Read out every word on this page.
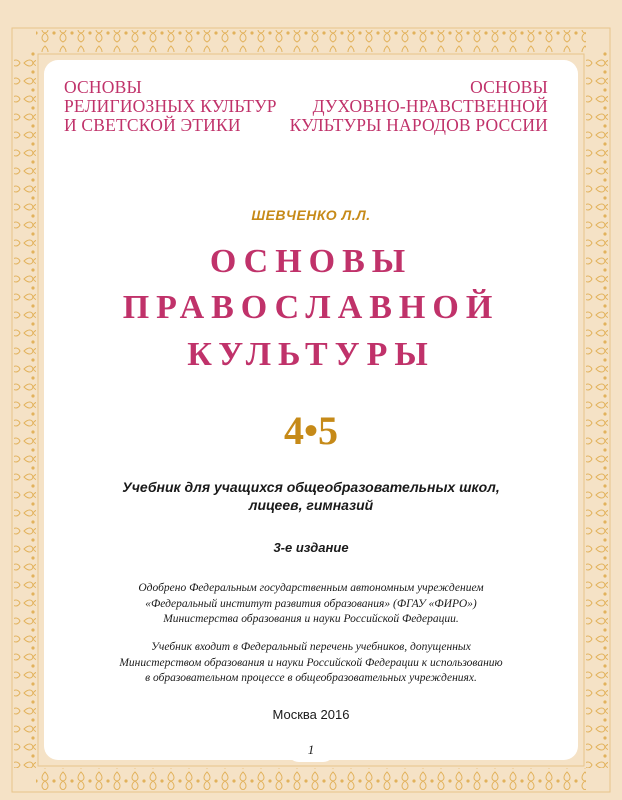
ОСНОВЫ
РЕЛИГИОЗНЫХ КУЛЬТУР
И СВЕТСКОЙ ЭТИКИ
ОСНОВЫ
ДУХОВНО-НРАВСТВЕННОЙ
КУЛЬТУРЫ НАРОДОВ РОССИИ
ШЕВЧЕНКО Л.Л.
ОСНОВЫ
ПРАВОСЛАВНОЙ
КУЛЬТУРЫ
4•5
Учебник для учащихся общеобразовательных школ,
лицеев, гимназий
3-е издание
Одобрено Федеральным государственным автономным учреждением
«Федеральный институт развития образования» (ФГАУ «ФИРО»)
Министерства образования и науки Российской Федерации.
Учебник входит в Федеральный перечень учебников, допущенных
Министерством образования и науки Российской Федерации к использованию
в образовательном процессе в общеобразовательных учреждениях.
Москва 2016
1
